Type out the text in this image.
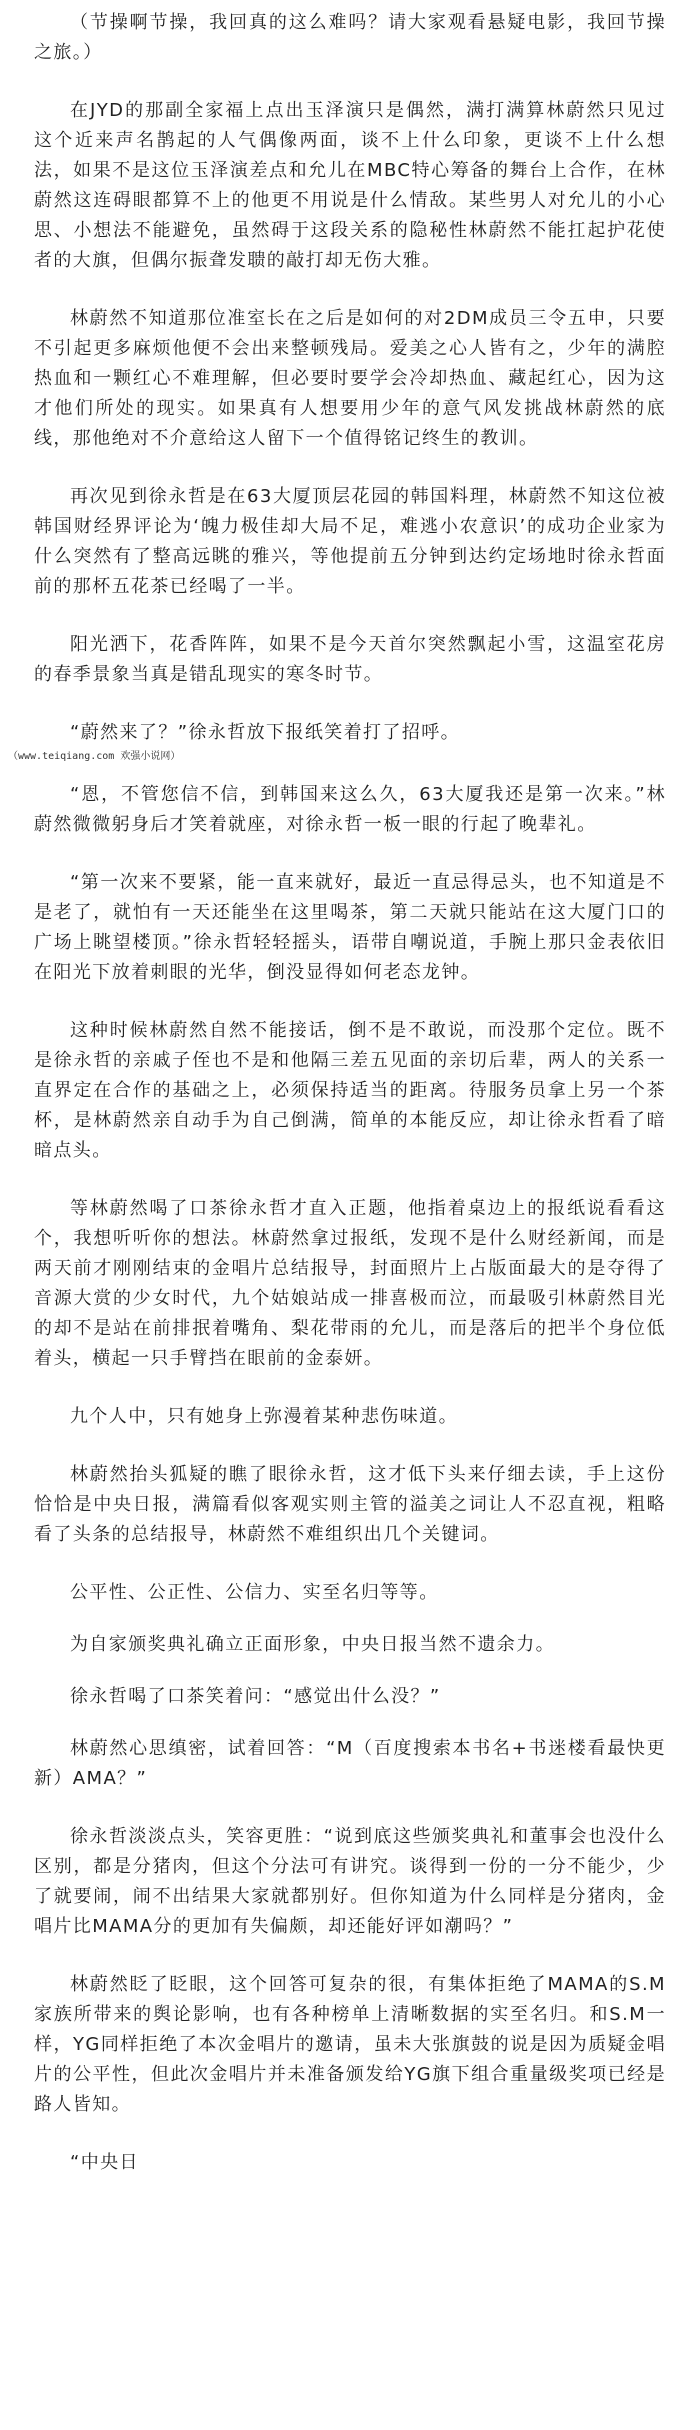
（节操啊节操，我回真的这么难吗？请大家观看悬疑电影，我回节操之旅。）

在JYD的那副全家福上点出玉泽演只是偶然，满打满算林蔚然只见过这个近来声名鹊起的人气偶像两面，谈不上什么印象，更谈不上什么想法，如果不是这位玉泽演差点和允儿在MBC特心筹备的舞台上合作，在林蔚然这连碍眼都算不上的他更不用说是什么情敌。某些男人对允儿的小心思、小想法不能避免，虽然碍于这段关系的隐秘性林蔚然不能扛起护花使者的大旗，但偶尔振聋发聩的敲打却无伤大雅。

林蔚然不知道那位准室长在之后是如何的对2DM成员三令五申，只要不引起更多麻烦他便不会出来整顿残局。爱美之心人皆有之，少年的满腔热血和一颗红心不难理解，但必要时要学会冷却热血、藏起红心，因为这才他们所处的现实。如果真有人想要用少年的意气风发挑战林蔚然的底线，那他绝对不介意给这人留下一个值得铭记终生的教训。

再次见到徐永哲是在63大厦顶层花园的韩国料理，林蔚然不知这位被韩国财经界评论为‘魄力极佳却大局不足，难逃小农意识’的成功企业家为什么突然有了整高远眺的雅兴，等他提前五分钟到达约定场地时徐永哲面前的那杯五花茶已经喝了一半。

阳光洒下，花香阵阵，如果不是今天首尔突然飘起小雪，这温室花房的春季景象当真是错乱现实的寒冬时节。

“蔚然来了？”徐永哲放下报纸笑着打了招呼。

（www.teiqiang.com 欢强小说网）

“恩，不管您信不信，到韩国来这么久，63大厦我还是第一次来。”林蔚然微微躬身后才笑着就座，对徐永哲一板一眼的行起了晚辈礼。

“第一次来不要紧，能一直来就好，最近一直忌得忌头，也不知道是不是老了，就怕有一天还能坐在这里喝茶，第二天就只能站在这大厦门口的广场上眺望楼顶。”徐永哲轻轻摇头，语带自嘲说道，手腕上那只金表依旧在阳光下放着刺眼的光华，倒没显得如何老态龙钟。

这种时候林蔚然自然不能接话，倒不是不敢说，而没那个定位。既不是徐永哲的亲戚子侄也不是和他隔三差五见面的亲切后辈，两人的关系一直界定在合作的基础之上，必须保持适当的距离。待服务员拿上另一个茶杯，是林蔚然亲自动手为自己倒满，简单的本能反应，却让徐永哲看了暗暗点头。

等林蔚然喝了口茶徐永哲才直入正题，他指着桌边上的报纸说看看这个，我想听听你的想法。林蔚然拿过报纸，发现不是什么财经新闻，而是两天前才刚刚结束的金唱片总结报导，封面照片上占版面最大的是夺得了音源大赏的少女时代，九个姑娘站成一排喜极而泣，而最吸引林蔚然目光的却不是站在前排抿着嘴角、梨花带雨的允儿，而是落后的把半个身位低着头，横起一只手臂挡在眼前的金泰妍。

九个人中，只有她身上弥漫着某种悲伤味道。

林蔚然抬头狐疑的瞧了眼徐永哲，这才低下头来仔细去读，手上这份恰恰是中央日报，满篇看似客观实则主管的溢美之词让人不忍直视，粗略看了头条的总结报导，林蔚然不难组织出几个关键词。

公平性、公正性、公信力、实至名归等等。

为自家颁奖典礼确立正面形象，中央日报当然不遗余力。

徐永哲喝了口茶笑着问：“感觉出什么没？”

林蔚然心思缜密，试着回答：“M（百度搜索本书名+书迷楼看最快更新）AMA？”

徐永哲淡淡点头，笑容更胜：“说到底这些颁奖典礼和董事会也没什么区别，都是分猪肉，但这个分法可有讲究。谈得到一份的一分不能少，少了就要闹，闹不出结果大家就都别好。但你知道为什么同样是分猪肉，金唱片比MAMA分的更加有失偏颇，却还能好评如潮吗？”

林蔚然眨了眨眼，这个回答可复杂的很，有集体拒绝了MAMA的S.M家族所带来的舆论影响，也有各种榜单上清晰数据的实至名归。和S.M一样，YG同样拒绝了本次金唱片的邀请，虽未大张旗鼓的说是因为质疑金唱片的公平性，但此次金唱片并未准备颁发给YG旗下组合重量级奖项已经是路人皆知。

“中央日
